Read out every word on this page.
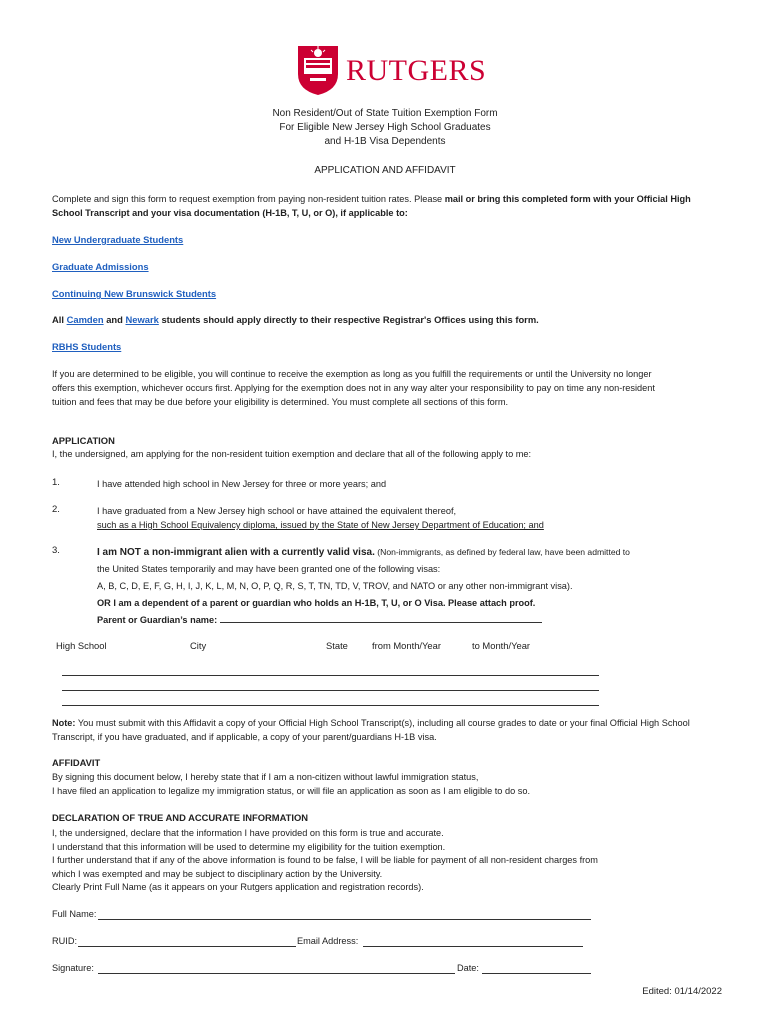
RUTGERS
Non Resident/Out of State Tuition Exemption Form
For Eligible New Jersey High School Graduates
and H-1B Visa Dependents
APPLICATION AND AFFIDAVIT
Complete and sign this form to request exemption from paying non-resident tuition rates. Please mail or bring this completed form with your Official High School Transcript and your visa documentation (H-1B, T, U, or O), if applicable to:
New Undergraduate Students
Graduate Admissions
Continuing New Brunswick Students
All Camden and Newark students should apply directly to their respective Registrar's Offices using this form.
RBHS Students
If you are determined to be eligible, you will continue to receive the exemption as long as you fulfill the requirements or until the University no longer offers this exemption, whichever occurs first. Applying for the exemption does not in any way alter your responsibility to pay on time any non-resident tuition and fees that may be due before your eligibility is determined. You must complete all sections of this form.
APPLICATION
I, the undersigned, am applying for the non-resident tuition exemption and declare that all of the following apply to me:
1.	I have attended high school in New Jersey for three or more years; and
2.	I have graduated from a New Jersey high school or have attained the equivalent thereof,
such as a High School Equivalency diploma, issued by the State of New Jersey Department of Education; and
3.	I am NOT a non-immigrant alien with a currently valid visa. (Non-immigrants, as defined by federal law, have been admitted to
the United States temporarily and may have been granted one of the following visas:
A, B, C, D, E, F, G, H, I, J, K, L, M, N, O, P, Q, R, S, T, TN, TD, V, TROV, and NATO or any other non-immigrant visa).
OR I am a dependent of a parent or guardian who holds an H-1B, T, U, or O Visa. Please attach proof.
Parent or Guardian’s name:
High School	City	State	from Month/Year	to Month/Year
Note: You must submit with this Affidavit a copy of your Official High School Transcript(s), including all course grades to date or your final Official High School Transcript, if you have graduated, and if applicable, a copy of your parent/guardians H-1B visa.
AFFIDAVIT
By signing this document below, I hereby state that if I am a non-citizen without lawful immigration status,
I have filed an application to legalize my immigration status, or will file an application as soon as I am eligible to do so.
DECLARATION OF TRUE AND ACCURATE INFORMATION
I, the undersigned, declare that the information I have provided on this form is true and accurate.
I understand that this information will be used to determine my eligibility for the tuition exemption.
I further understand that if any of the above information is found to be false, I will be liable for payment of all non-resident charges from
which I was exempted and may be subject to disciplinary action by the University.
Clearly Print Full Name (as it appears on your Rutgers application and registration records).
Full Name:
RUID:	Email Address:
Signature:	Date:
Edited: 01/14/2022
